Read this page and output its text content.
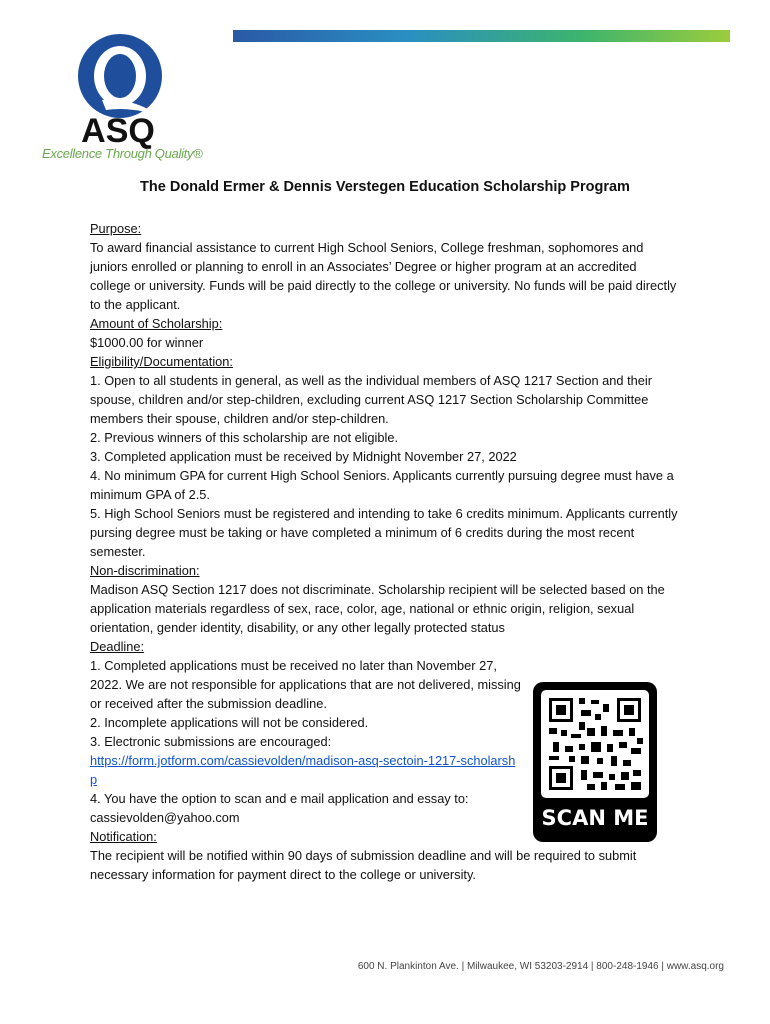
ASQ
Excellence Through Quality®
The Donald Ermer & Dennis Verstegen Education Scholarship Program

Purpose:

To award financial assistance to current High School Seniors, College freshman, sophomores and juniors enrolled or planning to enroll in an Associates’ Degree or higher program at an accredited college or university. Funds will be paid directly to the college or university. No funds will be paid directly to the applicant.

Amount of Scholarship:

$1000.00 for winner

Eligibility/Documentation:

1. Open to all students in general, as well as the individual members of ASQ 1217 Section and their spouse, children and/or step-children, excluding current ASQ 1217 Section Scholarship Committee members their spouse, children and/or step-children.

2. Previous winners of this scholarship are not eligible.

3. Completed application must be received by Midnight November 27, 2022

4. No minimum GPA for current High School Seniors. Applicants currently pursuing degree must have a minimum GPA of 2.5.

5. High School Seniors must be registered and intending to take 6 credits minimum. Applicants currently pursing degree must be taking or have completed a minimum of 6 credits during the most recent semester.

Non-discrimination:

Madison ASQ Section 1217 does not discriminate. Scholarship recipient will be selected based on the application materials regardless of sex, race, color, age, national or ethnic origin, religion, sexual orientation, gender identity, disability, or any other legally protected status

Deadline:

1. Completed applications must be received no later than November 27, 2022. We are not responsible for applications that are not delivered, missing or received after the submission deadline.

2. Incomplete applications will not be considered.

3. Electronic submissions are encouraged:

https://form.jotform.com/cassievolden/madison-asq-sectoin-1217-scholarshp

4. You have the option to scan and e mail application and essay to:

cassievolden@yahoo.com

Notification:

The recipient will be notified within 90 days of submission deadline and will be required to submit necessary information for payment direct to the college or university.

SCAN ME
600 N. Plankinton Ave. | Milwaukee, WI 53203-2914 | 800-248-1946 | www.asq.org
